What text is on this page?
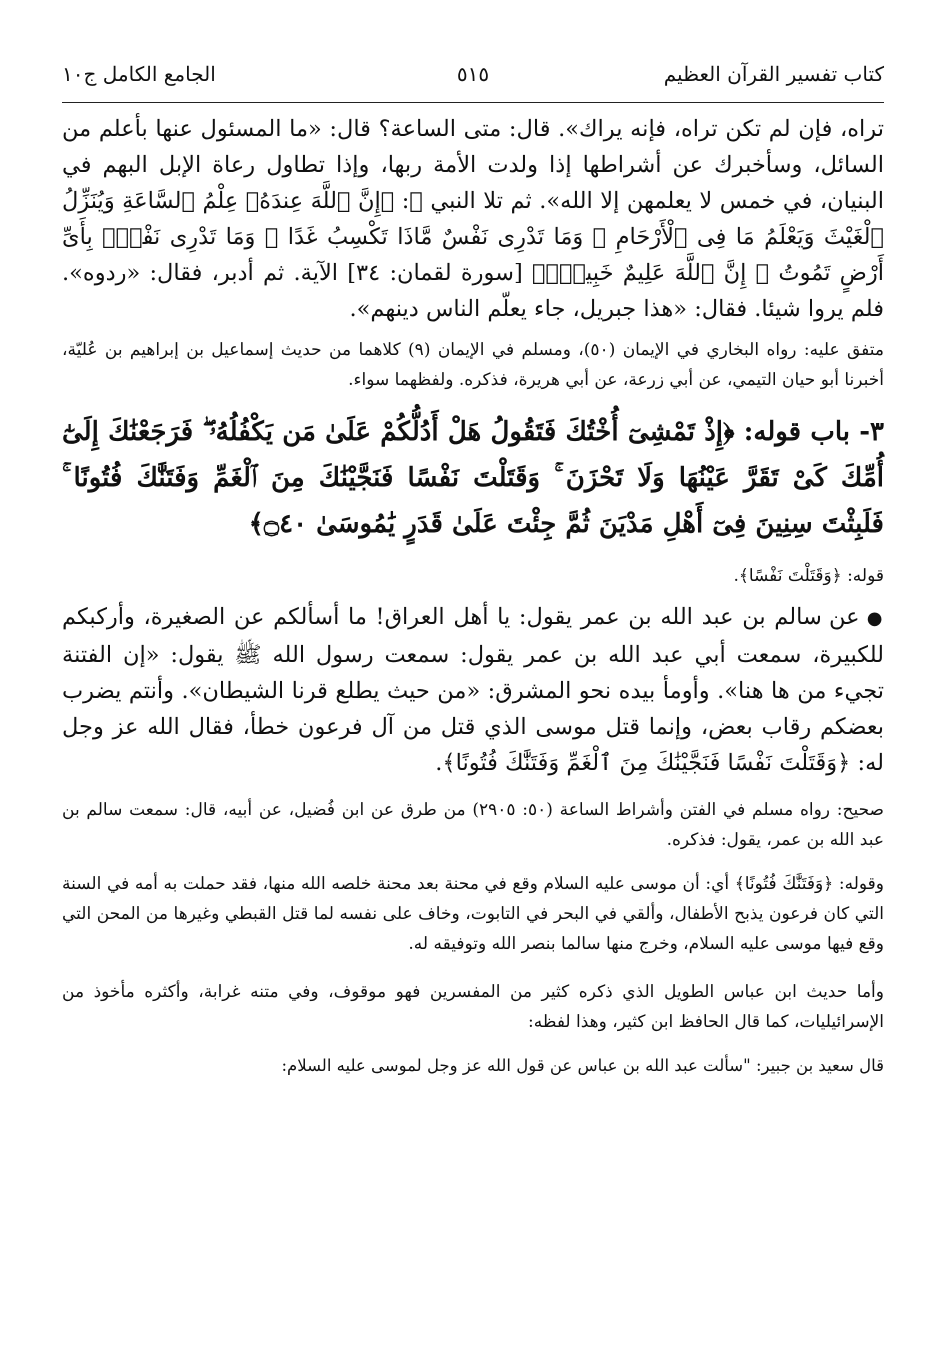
كتاب تفسير القرآن العظيم
٥١٥
الجامع الكامل ج١٠

تراه، فإن لم تكن تراه، فإنه يراك». قال: متى الساعة؟ قال: «ما المسئول عنها بأعلم من السائل، وسأخبرك عن أشراطها إذا ولدت الأمة ربها، وإذا تطاول رعاة الإبل البهم في البنيان، في خمس لا يعلمهن إلا الله». ثم تلا النبي ﷺ: ﴿إِنَّ ٱللَّهَ عِندَهُۥ عِلْمُ ٱلسَّاعَةِ وَيُنَزِّلُ ٱلْغَيْثَ وَيَعْلَمُ مَا فِى ٱلْأَرْحَامِ ۖ وَمَا تَدْرِى نَفْسٌ مَّاذَا تَكْسِبُ غَدًا ۖ وَمَا تَدْرِى نَفْسٌۢ بِأَىِّ أَرْضٍ تَمُوتُ ۚ إِنَّ ٱللَّهَ عَلِيمٌ خَبِيرٌۢ﴾ [سورة لقمان: ٣٤] الآية. ثم أدبر، فقال: «ردوه». فلم يروا شيئا. فقال: «هذا جبريل، جاء يعلّم الناس دينهم».

متفق عليه: رواه البخاري في الإيمان (٥٠)، ومسلم في الإيمان (٩) كلاهما من حديث إسماعيل بن إبراهيم بن عُليّة، أخبرنا أبو حيان التيمي، عن أبي زرعة، عن أبي هريرة، فذكره. ولفظهما سواء.

٣- باب قوله: ﴿إِذْ تَمْشِىٓ أُخْتُكَ فَتَقُولُ هَلْ أَدُلُّكُمْ عَلَىٰ مَن يَكْفُلُهُۥ ۖ فَرَجَعْنَٰكَ إِلَىٰٓ أُمِّكَ كَىْ تَقَرَّ عَيْنُهَا وَلَا تَحْزَنَ ۚ وَقَتَلْتَ نَفْسًا فَنَجَّيْنَٰكَ مِنَ ٱلْغَمِّ وَفَتَنَّٰكَ فُتُونًا ۚ فَلَبِثْتَ سِنِينَ فِىٓ أَهْلِ مَدْيَنَ ثُمَّ جِئْتَ عَلَىٰ قَدَرٍ يَٰمُوسَىٰ ۝٤٠﴾

قوله: ﴿وَقَتَلْتَ نَفْسًا﴾.

● عن سالم بن عبد الله بن عمر يقول: يا أهل العراق! ما أسألكم عن الصغيرة، وأركبكم للكبيرة، سمعت أبي عبد الله بن عمر يقول: سمعت رسول الله ﷺ يقول: «إن الفتنة تجيء من ها هنا». وأومأ بيده نحو المشرق: «من حيث يطلع قرنا الشيطان». وأنتم يضرب بعضكم رقاب بعض، وإنما قتل موسى الذي قتل من آل فرعون خطأ، فقال الله عز وجل له: ﴿وَقَتَلْتَ نَفْسًا فَنَجَّيْنَٰكَ مِنَ ٱلْغَمِّ وَفَتَنَّٰكَ فُتُونًا﴾.

صحيح: رواه مسلم في الفتن وأشراط الساعة (٥٠: ٢٩٠٥) من طرق عن ابن فُضيل، عن أبيه، قال: سمعت سالم بن عبد الله بن عمر، يقول: فذكره.

وقوله: ﴿وَفَتَنَّٰكَ فُتُونًا﴾ أي: أن موسى عليه السلام وقع في محنة بعد محنة خلصه الله منها، فقد حملت به أمه في السنة التي كان فرعون يذبح الأطفال، وألقي في البحر في التابوت، وخاف على نفسه لما قتل القبطي وغيرها من المحن التي وقع فيها موسى عليه السلام، وخرج منها سالما بنصر الله وتوفيقه له.

وأما حديث ابن عباس الطويل الذي ذكره كثير من المفسرين فهو موقوف، وفي متنه غرابة، وأكثره مأخوذ من الإسرائيليات، كما قال الحافظ ابن كثير، وهذا لفظه:

قال سعيد بن جبير: "سألت عبد الله بن عباس عن قول الله عز وجل لموسى عليه السلام:
